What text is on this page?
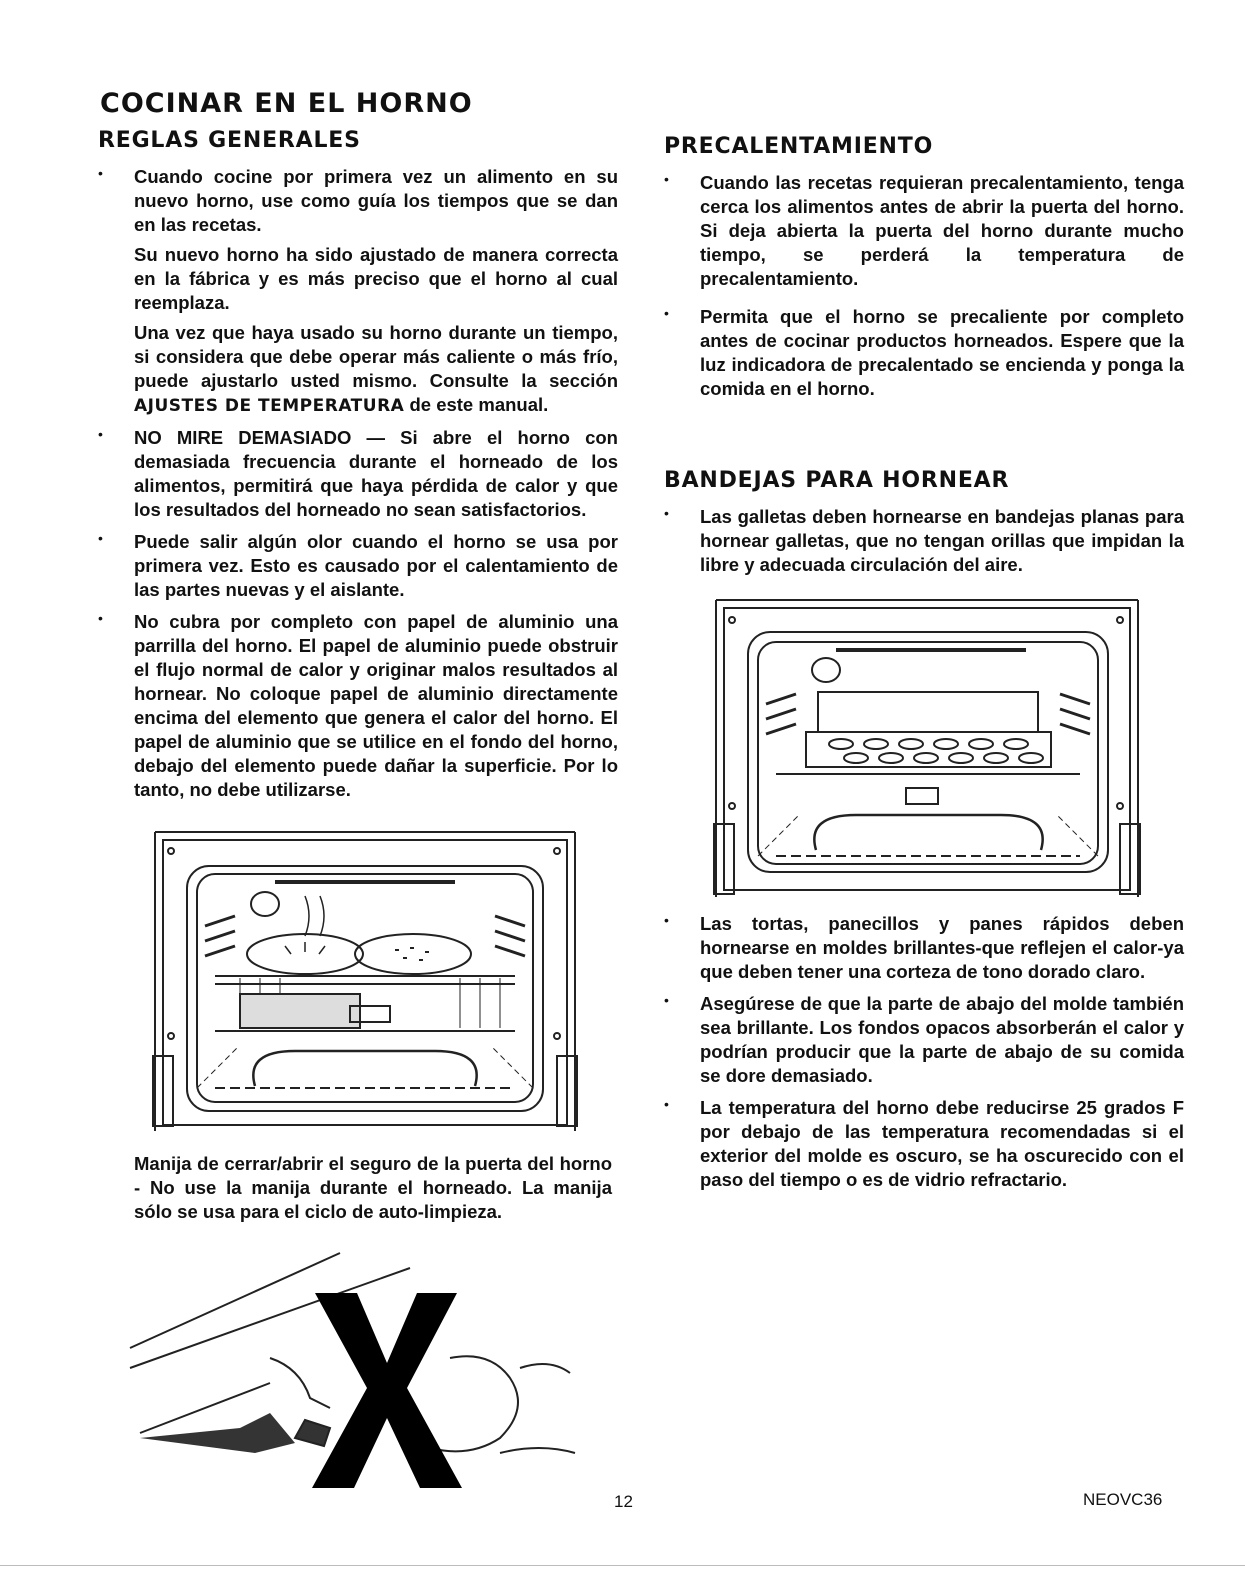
COCINAR EN EL HORNO
REGLAS GENERALES

• Cuando cocine por primera vez un alimento en su nuevo horno, use como guía los tiempos que se dan en las recetas.

Su nuevo horno ha sido ajustado de manera correcta en la fábrica y es más preciso que el horno al cual reemplaza.

Una vez que haya usado su horno durante un tiempo, si considera que debe operar más caliente o más frío, puede ajustarlo usted mismo. Consulte la sección AJUSTES DE TEMPERATURA de este manual.

• NO MIRE DEMASIADO — Si abre el horno con demasiada frecuencia durante el horneado de los alimentos, permitirá que haya pérdida de calor y que los resultados del horneado no sean satisfactorios.

• Puede salir algún olor cuando el horno se usa por primera vez. Esto es causado por el calentamiento de las partes nuevas y el aislante.

• No cubra por completo con papel de aluminio una parrilla del horno. El papel de aluminio puede obstruir el flujo normal de calor y originar malos resultados al hornear. No coloque papel de aluminio directamente encima del elemento que genera el calor del horno. El papel de aluminio que se utilice en el fondo del horno, debajo del elemento puede dañar la superficie. Por lo tanto, no debe utilizarse.

Manija de cerrar/abrir el seguro de la puerta del horno - No use la manija durante el horneado. La manija sólo se usa para el ciclo de auto-limpieza.

PRECALENTAMIENTO

• Cuando las recetas requieran precalentamiento, tenga cerca los alimentos antes de abrir la puerta del horno. Si deja abierta la puerta del horno durante mucho tiempo, se perderá la temperatura de precalentamiento.

• Permita que el horno se precaliente por completo antes de cocinar productos horneados. Espere que la luz indicadora de precalentado se encienda y ponga la comida en el horno.

BANDEJAS PARA HORNEAR

• Las galletas deben hornearse en bandejas planas para hornear galletas, que no tengan orillas que impidan la libre y adecuada circulación del aire.

• Las tortas, panecillos y panes rápidos deben hornearse en moldes brillantes-que reflejen el calor-ya que deben tener una corteza de tono dorado claro.

• Asegúrese de que la parte de abajo del molde también sea brillante. Los fondos opacos absorberán el calor y podrían producir que la parte de abajo de su comida se dore demasiado.

• La temperatura del horno debe reducirse 25 grados F por debajo de las temperatura recomendadas si el exterior del molde es oscuro, se ha oscurecido con el paso del tiempo o es de vidrio refractario.

12	NEOVC36
